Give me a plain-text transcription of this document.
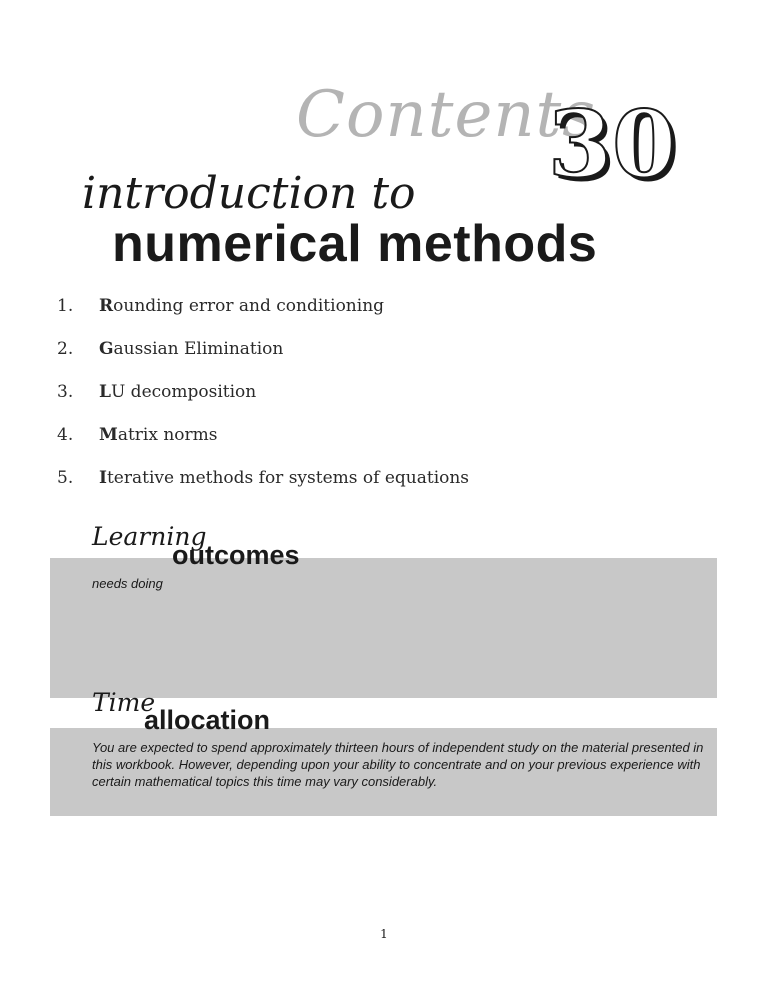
Contents
30
introduction to
numerical methods
1.	Rounding error and conditioning
2.	Gaussian Elimination
3.	LU decomposition
4.	Matrix norms
5.	Iterative methods for systems of equations
Learning
outcomes
needs doing
Time
allocation
You are expected to spend approximately thirteen hours of independent study on the material presented in this workbook. However, depending upon your ability to concentrate and on your previous experience with certain mathematical topics this time may vary considerably.
1
